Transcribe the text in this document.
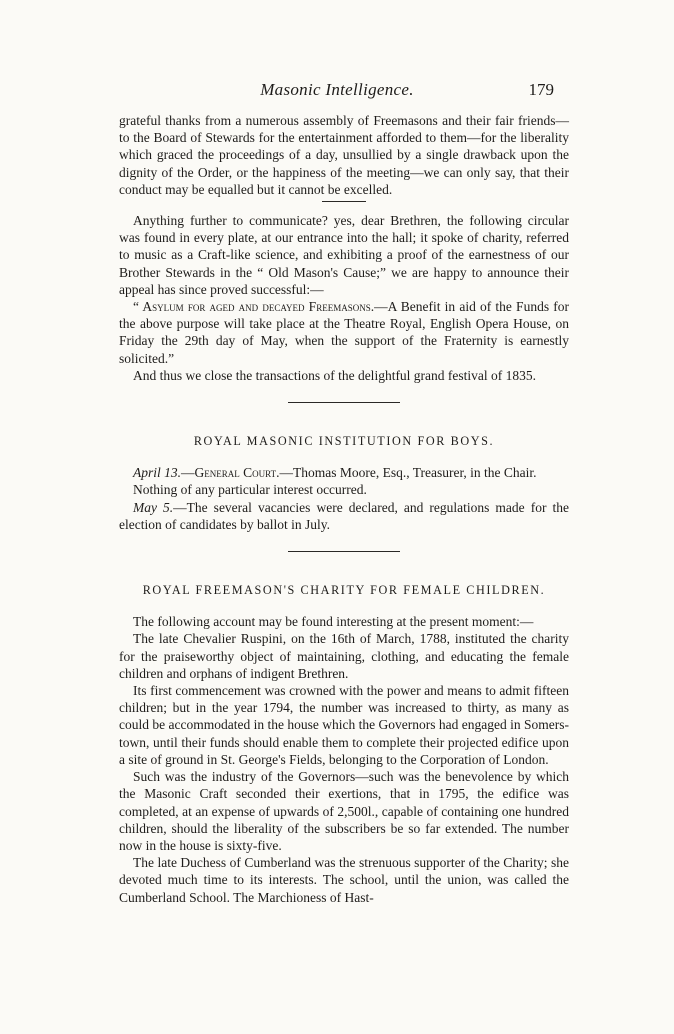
Masonic Intelligence.	179

grateful thanks from a numerous assembly of Freemasons and their fair friends—to the Board of Stewards for the entertainment afforded to them—for the liberality which graced the proceedings of a day, unsullied by a single drawback upon the dignity of the Order, or the happiness of the meeting—we can only say, that their conduct may be equalled but it cannot be excelled.

Anything further to communicate? yes, dear Brethren, the following circular was found in every plate, at our entrance into the hall; it spoke of charity, referred to music as a Craft-like science, and exhibiting a proof of the earnestness of our Brother Stewards in the “ Old Mason's Cause;” we are happy to announce their appeal has since proved successful:—

“ Asylum for aged and decayed Freemasons.—A Benefit in aid of the Funds for the above purpose will take place at the Theatre Royal, English Opera House, on Friday the 29th day of May, when the support of the Fraternity is earnestly solicited.”

And thus we close the transactions of the delightful grand festival of 1835.

ROYAL MASONIC INSTITUTION FOR BOYS.

April 13.—General Court.—Thomas Moore, Esq., Treasurer, in the Chair.

Nothing of any particular interest occurred.

May 5.—The several vacancies were declared, and regulations made for the election of candidates by ballot in July.

ROYAL FREEMASON'S CHARITY FOR FEMALE CHILDREN.

The following account may be found interesting at the present moment:—

The late Chevalier Ruspini, on the 16th of March, 1788, instituted the charity for the praiseworthy object of maintaining, clothing, and educating the female children and orphans of indigent Brethren.

Its first commencement was crowned with the power and means to admit fifteen children; but in the year 1794, the number was increased to thirty, as many as could be accommodated in the house which the Governors had engaged in Somers-town, until their funds should enable them to complete their projected edifice upon a site of ground in St. George's Fields, belonging to the Corporation of London.

Such was the industry of the Governors—such was the benevolence by which the Masonic Craft seconded their exertions, that in 1795, the edifice was completed, at an expense of upwards of 2,500l., capable of containing one hundred children, should the liberality of the subscribers be so far extended. The number now in the house is sixty-five.

The late Duchess of Cumberland was the strenuous supporter of the Charity; she devoted much time to its interests. The school, until the union, was called the Cumberland School. The Marchioness of Hast-
